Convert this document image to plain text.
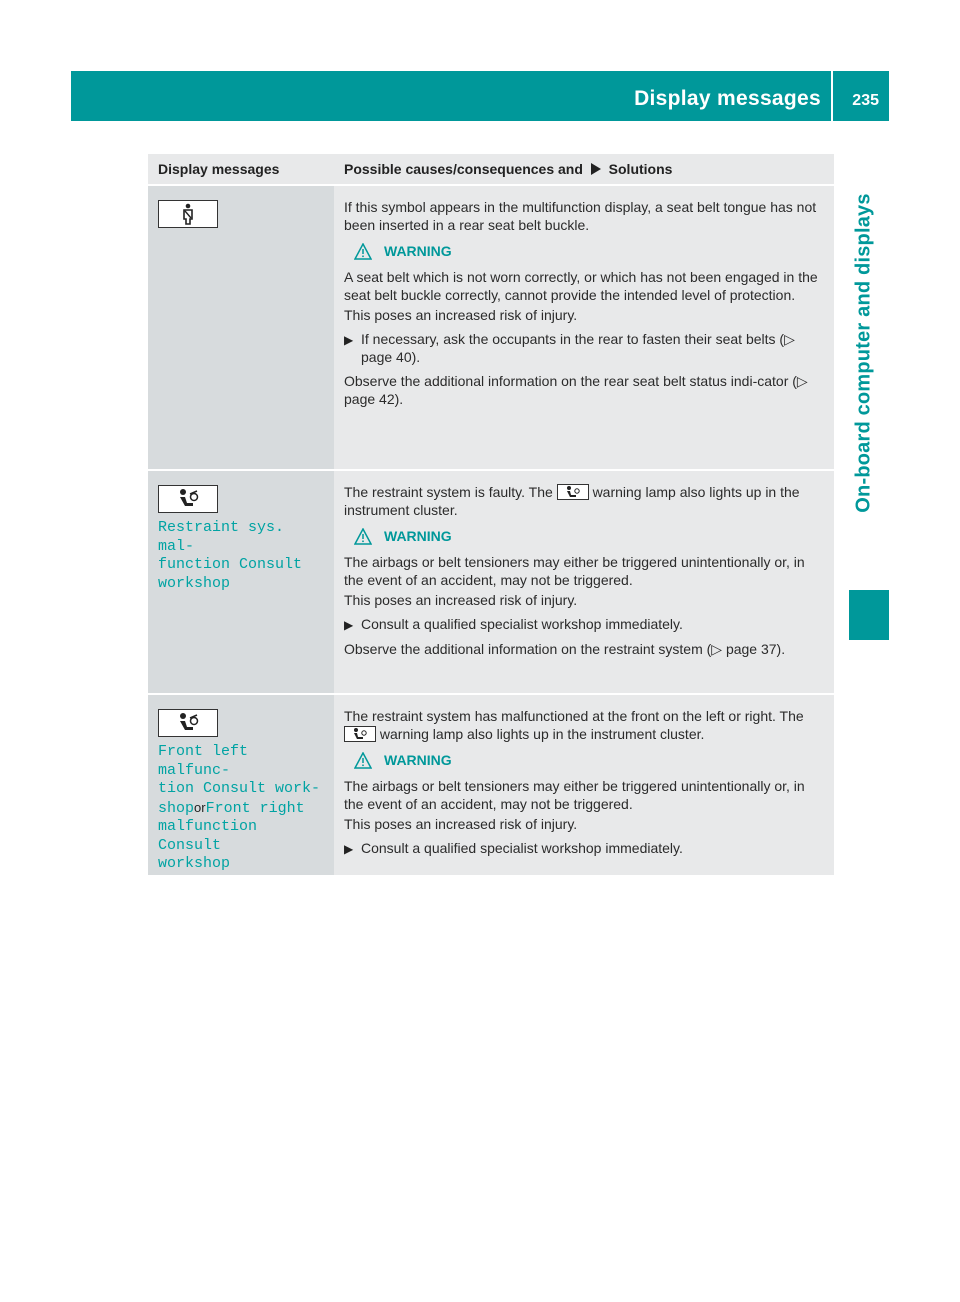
Display messages 235
On-board computer and displays
Display messages	Possible causes/consequences and Solutions

If this symbol appears in the multifunction display, a seat belt tongue has not been inserted in a rear seat belt buckle.

WARNING

A seat belt which is not worn correctly, or which has not been engaged in the seat belt buckle correctly, cannot provide the intended level of protection.

This poses an increased risk of injury.

▶ If necessary, ask the occupants in the rear to fasten their seat belts (▷ page 40).

Observe the additional information on the rear seat belt status indi-cator (▷ page 42).

Restraint sys. mal‐
function Consult
workshop

The restraint system is faulty. The	warning lamp also lights up in the instrument cluster.

WARNING

The airbags or belt tensioners may either be triggered unintentionally or, in the event of an accident, may not be triggered.

This poses an increased risk of injury.

▶ Consult a qualified specialist workshop immediately.

Observe the additional information on the restraint system (▷ page 37).

Front left malfunc‐
tion Consult work‐
shoporFront right
malfunction Consult
workshop

The restraint system has malfunctioned at the front on the left or right. The
warning lamp also lights up in the instrument cluster.

WARNING

The airbags or belt tensioners may either be triggered unintentionally or, in the event of an accident, may not be triggered.

This poses an increased risk of injury.

▶ Consult a qualified specialist workshop immediately.
